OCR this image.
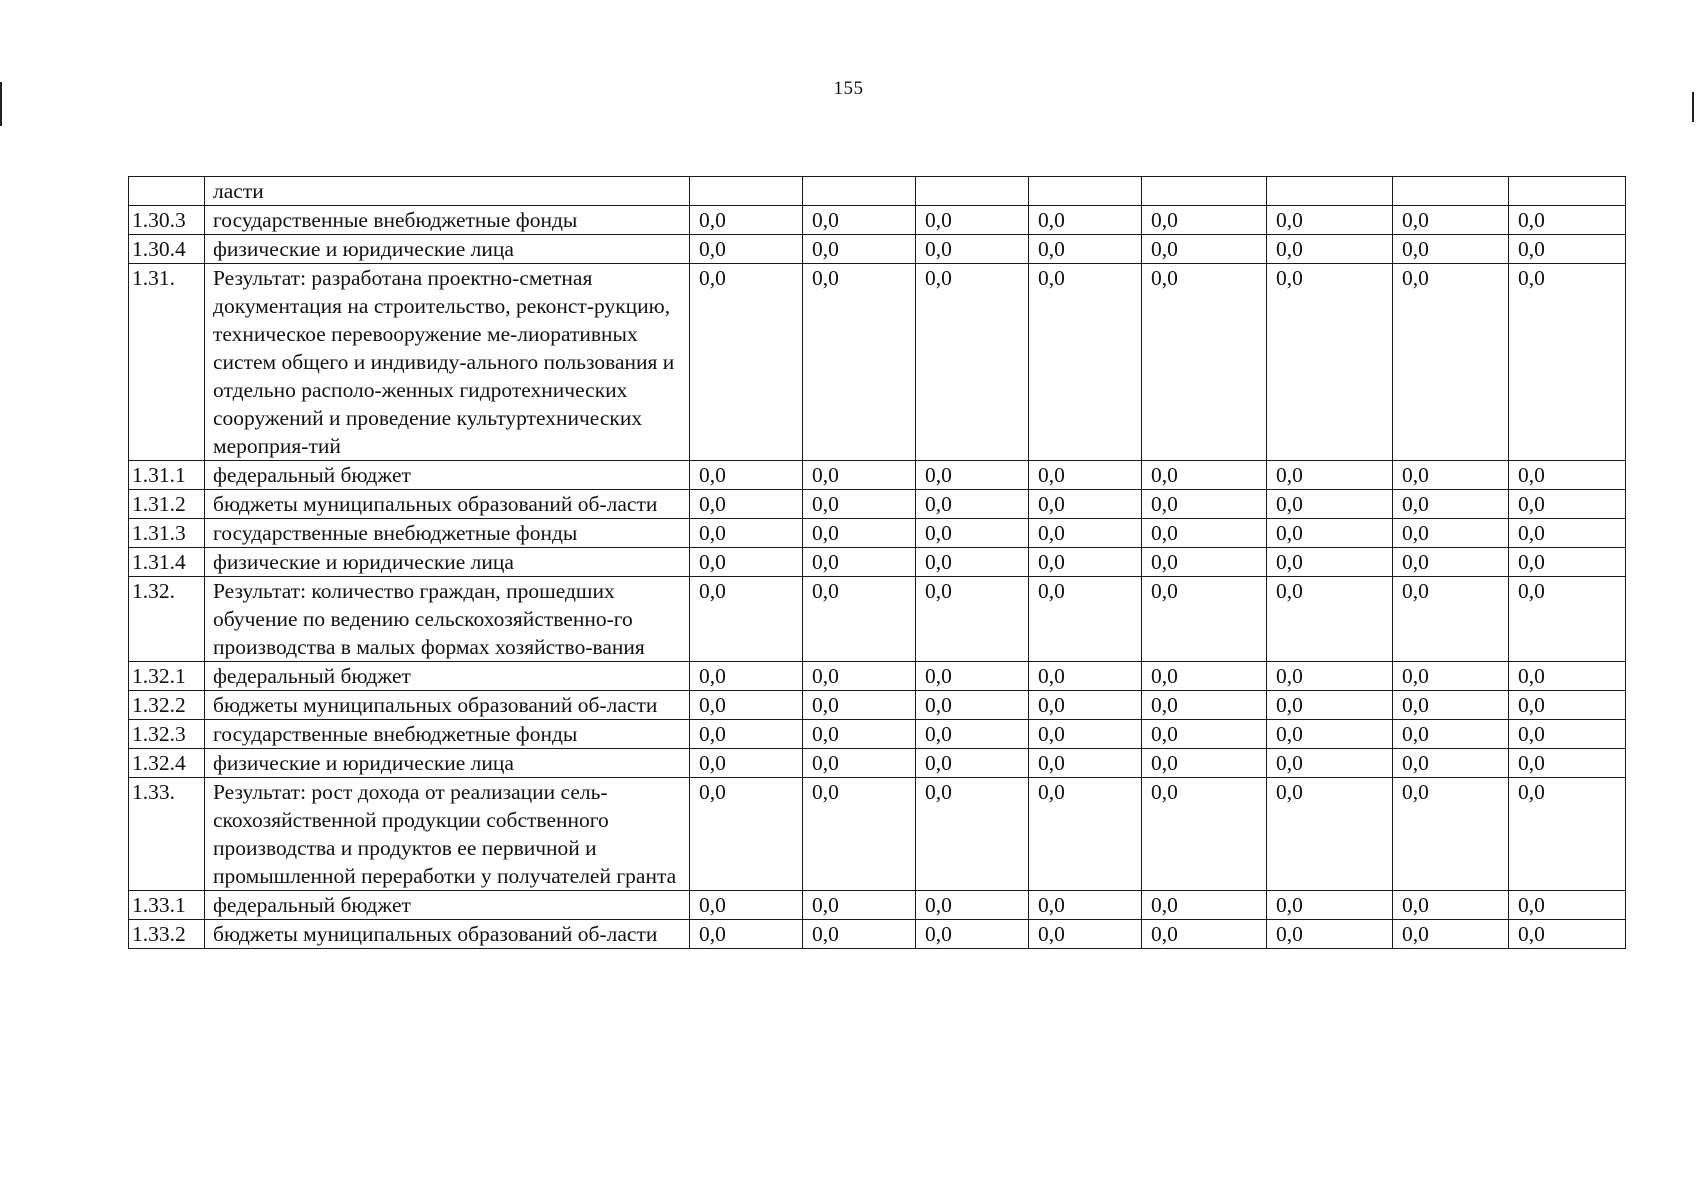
155
	ласти								
1.30.3	государственные внебюджетные фонды	0,0	0,0	0,0	0,0	0,0	0,0	0,0	0,0
1.30.4	физические и юридические лица	0,0	0,0	0,0	0,0	0,0	0,0	0,0	0,0
1.31.	Результат: разработана проектно-сметная документация на строительство, реконст-рукцию, техническое перевооружение ме-лиоративных систем общего и индивиду-ального пользования и отдельно располо-женных гидротехнических сооружений и проведение культуртехнических мероприя-тий	0,0	0,0	0,0	0,0	0,0	0,0	0,0	0,0
1.31.1	федеральный бюджет	0,0	0,0	0,0	0,0	0,0	0,0	0,0	0,0
1.31.2	бюджеты муниципальных образований об-ласти	0,0	0,0	0,0	0,0	0,0	0,0	0,0	0,0
1.31.3	государственные внебюджетные фонды	0,0	0,0	0,0	0,0	0,0	0,0	0,0	0,0
1.31.4	физические и юридические лица	0,0	0,0	0,0	0,0	0,0	0,0	0,0	0,0
1.32.	Результат: количество граждан, прошедших обучение по ведению сельскохозяйственно-го производства в малых формах хозяйство-вания	0,0	0,0	0,0	0,0	0,0	0,0	0,0	0,0
1.32.1	федеральный бюджет	0,0	0,0	0,0	0,0	0,0	0,0	0,0	0,0
1.32.2	бюджеты муниципальных образований об-ласти	0,0	0,0	0,0	0,0	0,0	0,0	0,0	0,0
1.32.3	государственные внебюджетные фонды	0,0	0,0	0,0	0,0	0,0	0,0	0,0	0,0
1.32.4	физические и юридические лица	0,0	0,0	0,0	0,0	0,0	0,0	0,0	0,0
1.33.	Результат: рост дохода от реализации сель-скохозяйственной продукции собственного производства и продуктов ее первичной и промышленной переработки у получателей гранта	0,0	0,0	0,0	0,0	0,0	0,0	0,0	0,0
1.33.1	федеральный бюджет	0,0	0,0	0,0	0,0	0,0	0,0	0,0	0,0
1.33.2	бюджеты муниципальных образований об-ласти	0,0	0,0	0,0	0,0	0,0	0,0	0,0	0,0
